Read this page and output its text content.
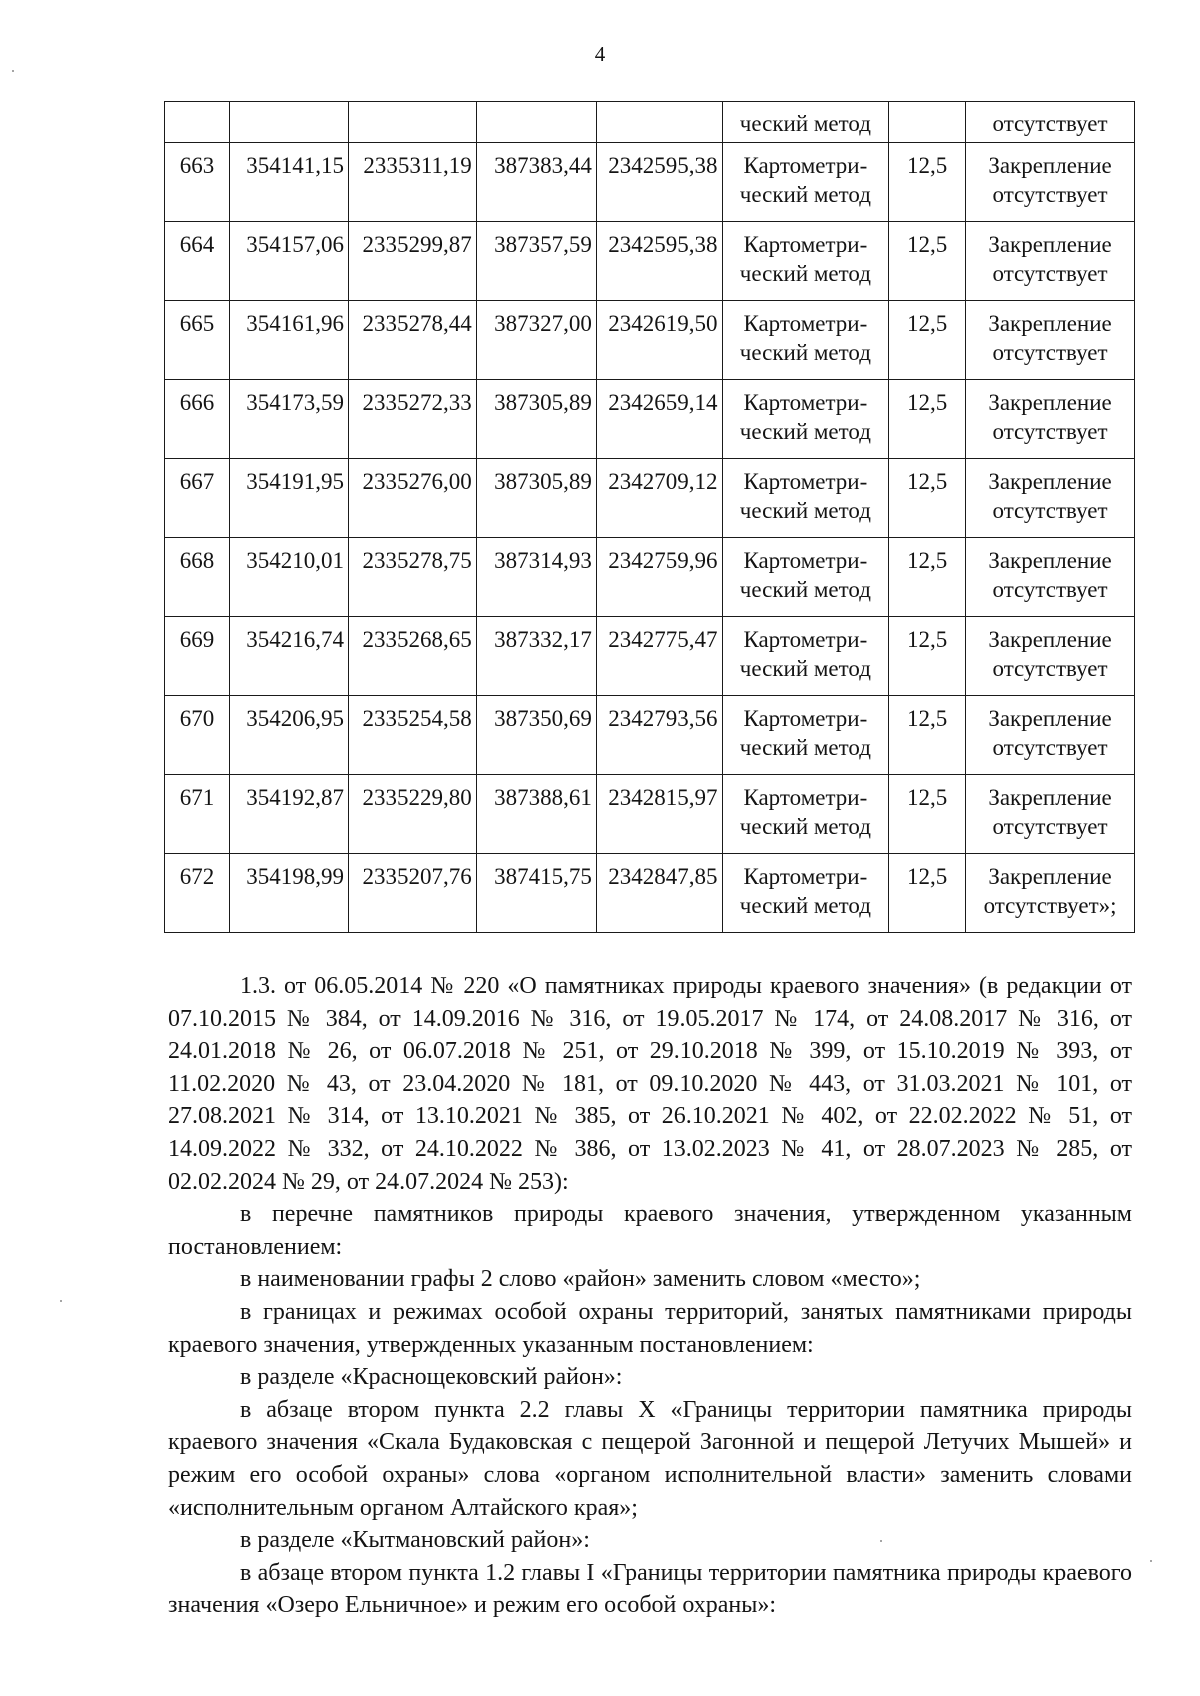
4
					ческий метод		отсутствует
663	354141,15	2335311,19	387383,44	2342595,38	Картометри-
ческий метод	12,5	Закрепление
отсутствует

664	354157,06	2335299,87	387357,59	2342595,38	Картометри-
ческий метод	12,5	Закрепление
отсутствует

665	354161,96	2335278,44	387327,00	2342619,50	Картометри-
ческий метод	12,5	Закрепление
отсутствует

666	354173,59	2335272,33	387305,89	2342659,14	Картометри-
ческий метод	12,5	Закрепление
отсутствует

667	354191,95	2335276,00	387305,89	2342709,12	Картометри-
ческий метод	12,5	Закрепление
отсутствует

668	354210,01	2335278,75	387314,93	2342759,96	Картометри-
ческий метод	12,5	Закрепление
отсутствует

669	354216,74	2335268,65	387332,17	2342775,47	Картометри-
ческий метод	12,5	Закрепление
отсутствует

670	354206,95	2335254,58	387350,69	2342793,56	Картометри-
ческий метод	12,5	Закрепление
отсутствует

671	354192,87	2335229,80	387388,61	2342815,97	Картометри-
ческий метод	12,5	Закрепление
отсутствует

672	354198,99	2335207,76	387415,75	2342847,85	Картометри-
ческий метод	12,5	Закрепление
отсутствует»;

1.3. от 06.05.2014 № 220 «О памятниках природы краевого значения» (в редакции от 07.10.2015 № 384, от 14.09.2016 № 316, от 19.05.2017 № 174, от 24.08.2017 № 316, от 24.01.2018 № 26, от 06.07.2018 № 251, от 29.10.2018 № 399, от 15.10.2019 № 393, от 11.02.2020 № 43, от 23.04.2020 № 181, от 09.10.2020 № 443, от 31.03.2021 № 101, от 27.08.2021 № 314, от 13.10.2021 № 385, от 26.10.2021 № 402, от 22.02.2022 № 51, от 14.09.2022 № 332, от 24.10.2022 № 386, от 13.02.2023 № 41, от 28.07.2023 № 285, от 02.02.2024 № 29, от 24.07.2024 № 253):

в перечне памятников природы краевого значения, утвержденном указанным постановлением:

в наименовании графы 2 слово «район» заменить словом «место»;

в границах и режимах особой охраны территорий, занятых памятниками природы краевого значения, утвержденных указанным постановлением:

в разделе «Краснощековский район»:

в абзаце втором пункта 2.2 главы X «Границы территории памятника природы краевого значения «Скала Будаковская с пещерой Загонной и пещерой Летучих Мышей» и режим его особой охраны» слова «органом исполнительной власти» заменить словами «исполнительным органом Алтайского края»;

в разделе «Кытмановский район»:

в абзаце втором пункта 1.2 главы I «Границы территории памятника природы краевого значения «Озеро Ельничное» и режим его особой охраны»:
